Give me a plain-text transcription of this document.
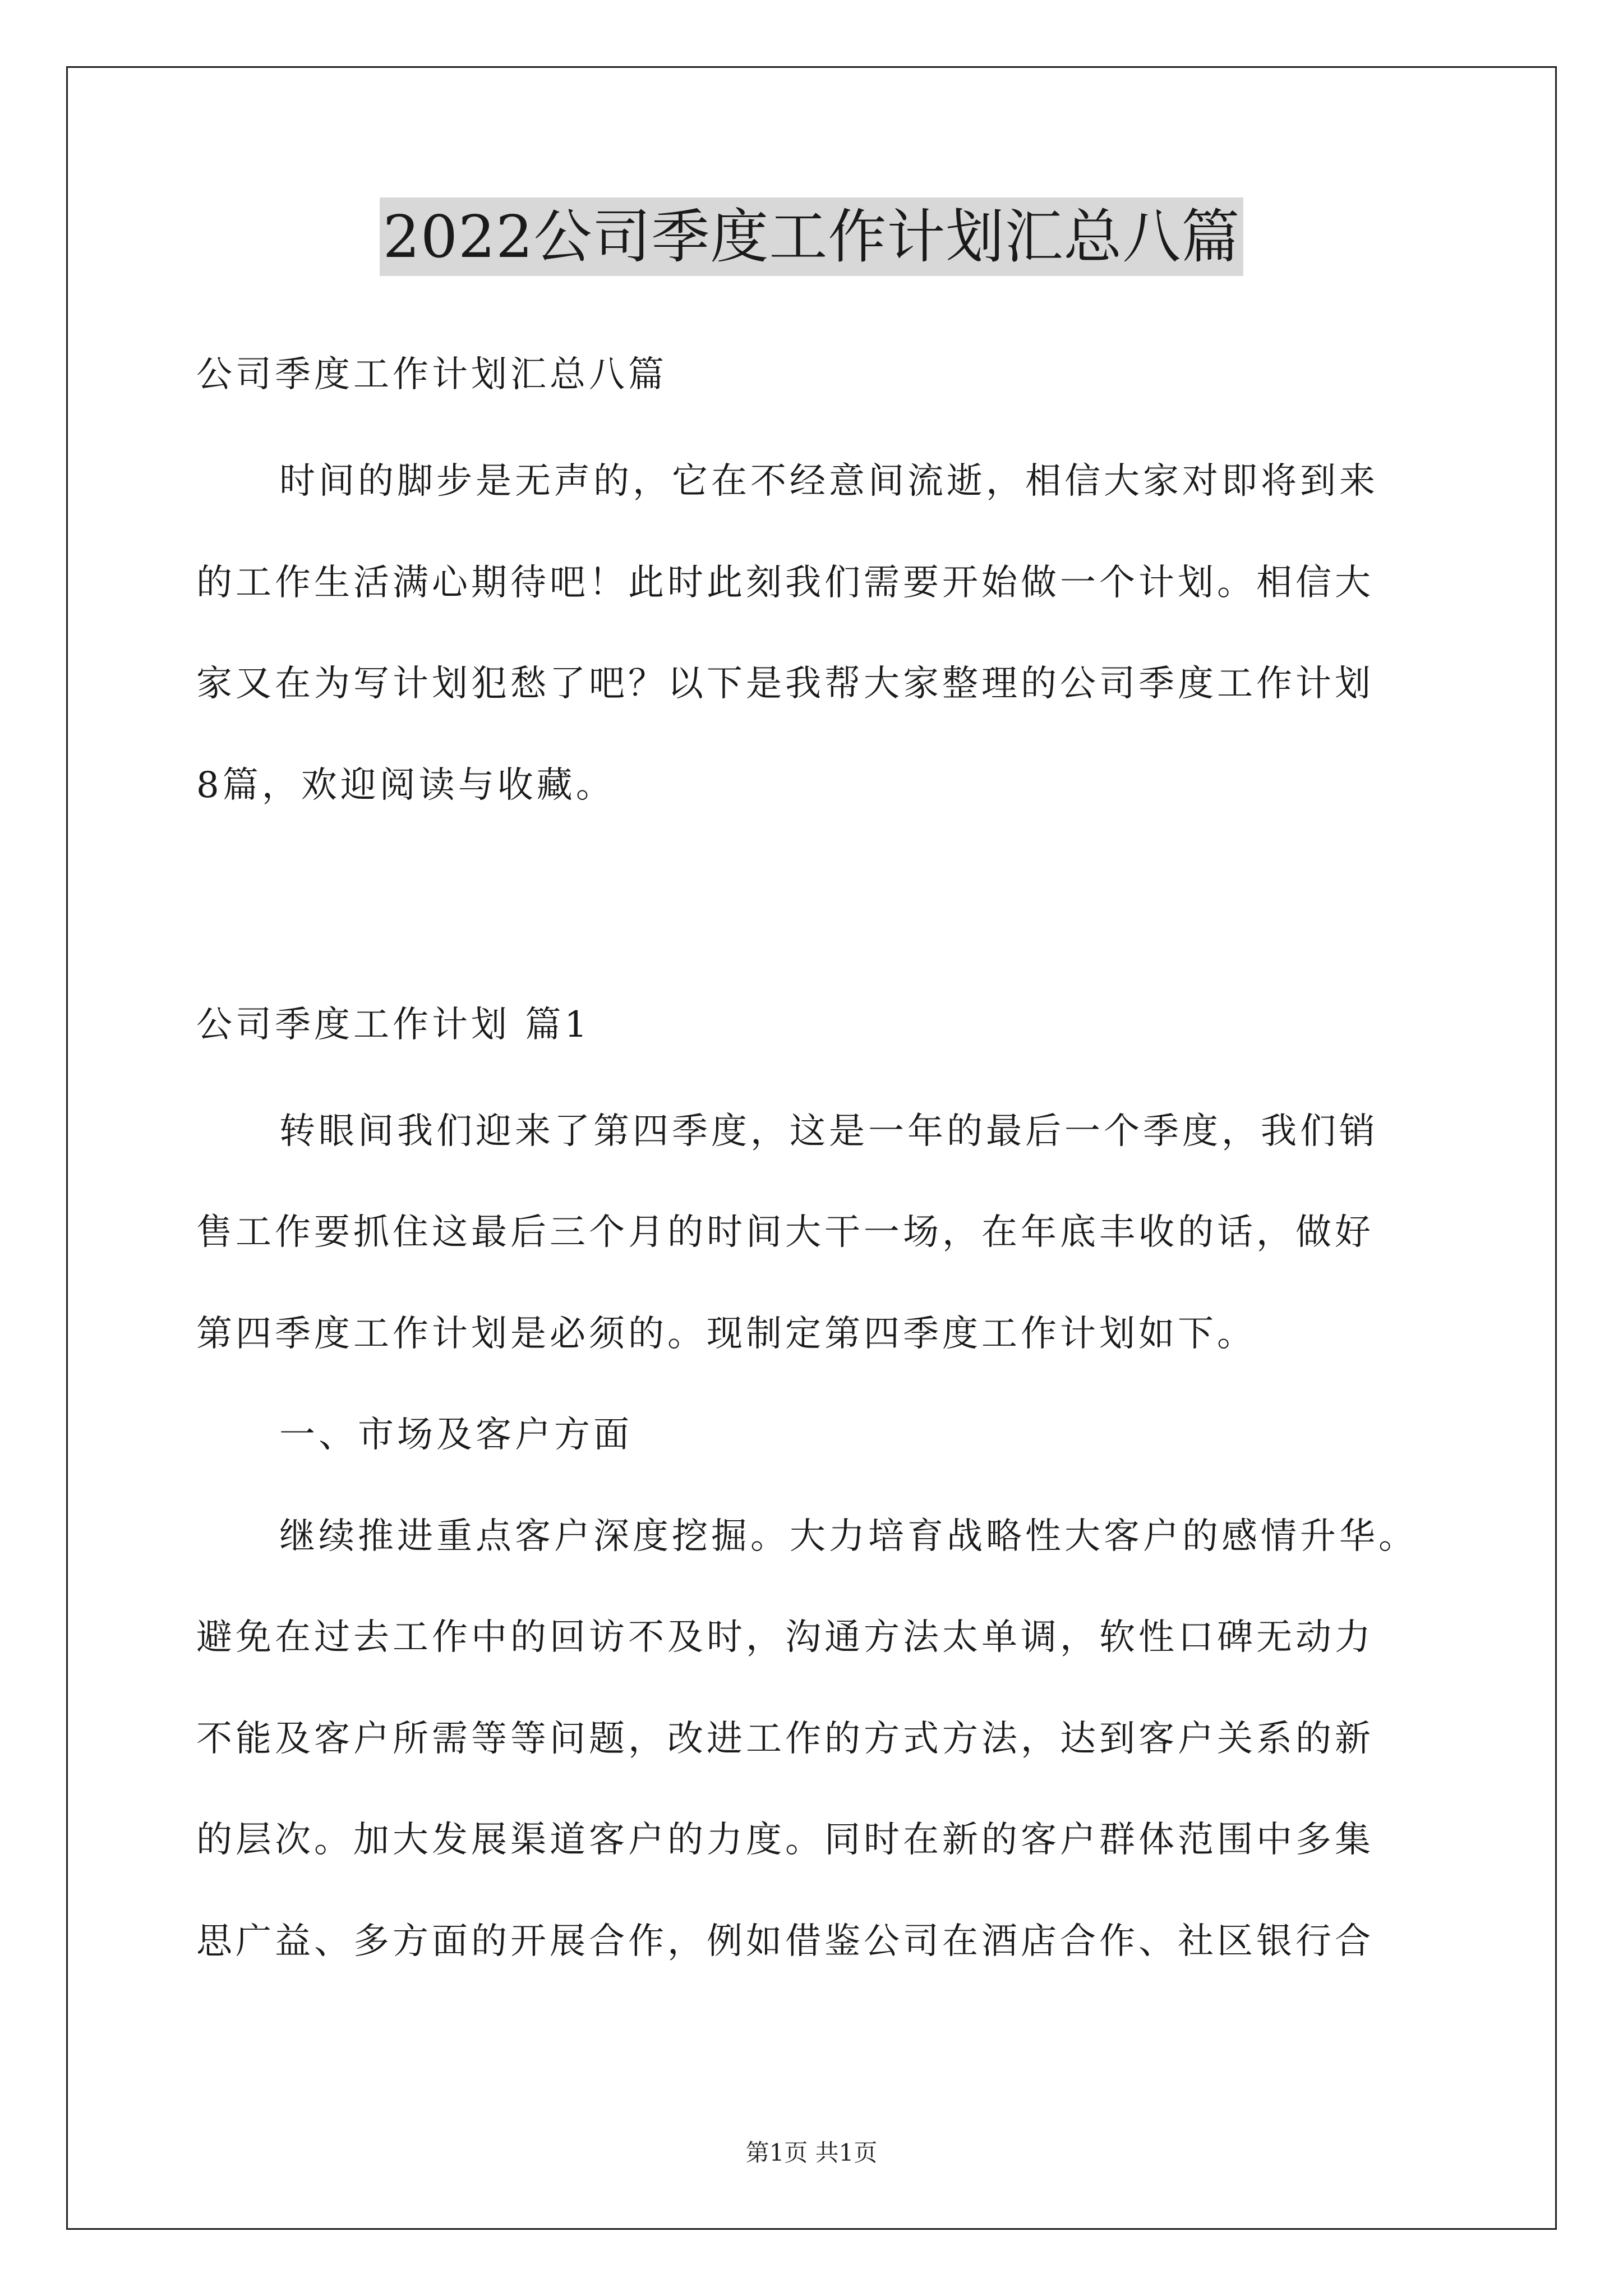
2022公司季度工作计划汇总八篇
公司季度工作计划汇总八篇
时间的脚步是无声的，它在不经意间流逝，相信大家对即将到来
的工作生活满心期待吧！此时此刻我们需要开始做一个计划。相信大
家又在为写计划犯愁了吧？以下是我帮大家整理的公司季度工作计划
8篇，欢迎阅读与收藏。
公司季度工作计划 篇1
转眼间我们迎来了第四季度，这是一年的最后一个季度，我们销
售工作要抓住这最后三个月的时间大干一场，在年底丰收的话，做好
第四季度工作计划是必须的。现制定第四季度工作计划如下。
一、市场及客户方面
继续推进重点客户深度挖掘。大力培育战略性大客户的感情升华。
避免在过去工作中的回访不及时，沟通方法太单调，软性口碑无动力
不能及客户所需等等问题，改进工作的方式方法，达到客户关系的新
的层次。加大发展渠道客户的力度。同时在新的客户群体范围中多集
思广益、多方面的开展合作，例如借鉴公司在酒店合作、社区银行合
第1页 共1页
